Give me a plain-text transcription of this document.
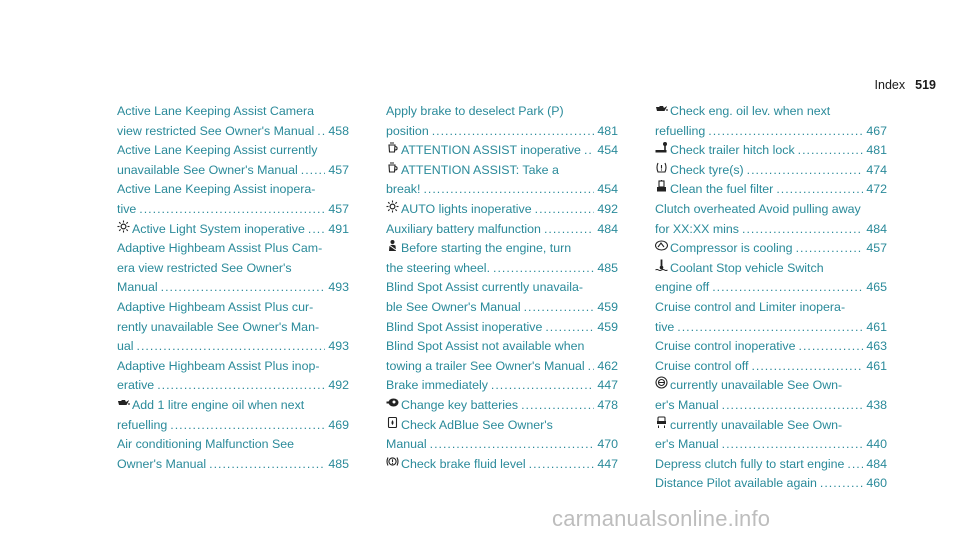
Index 519
Active Lane Keeping Assist Camera
view restricted See Owner's Manual ..... 458
Active Lane Keeping Assist currently
unavailable See Owner's Manual ..... 457
Active Lane Keeping Assist inopera-
tive .....	457
Active Light System inoperative ..... 491
Adaptive Highbeam Assist Plus Cam-
era view restricted See Owner's
Manual .....	493
Adaptive Highbeam Assist Plus cur-
rently unavailable See Owner's Man-
ual .....	493
Adaptive Highbeam Assist Plus inop-
erative .....	492
Add 1 litre engine oil when next
refuelling .....	469
Air conditioning Malfunction See
Owner's Manual .....	485
Apply brake to deselect Park (P)
position .....	481
ATTENTION ASSIST inoperative ..... 454
ATTENTION ASSIST: Take a
break! .....	454
AUTO lights inoperative .....	492
Auxiliary battery malfunction .....	484
Before starting the engine, turn
the steering wheel. .....	485
Blind Spot Assist currently unavaila-
ble See Owner's Manual .....	459
Blind Spot Assist inoperative .....	459
Blind Spot Assist not available when
towing a trailer See Owner's Manual ..... 462
Brake immediately .....	447
Change key batteries .....	478
Check AdBlue See Owner's
Manual .....	470
Check brake fluid level .....	447
Check eng. oil lev. when next
refuelling .....	467
Check trailer hitch lock .....	481
Check tyre(s) .....	474
Clean the fuel filter .....	472
Clutch overheated Avoid pulling away
for XX:XX mins .....	484
Compressor is cooling .....	457
Coolant Stop vehicle Switch
engine off .....	465
Cruise control and Limiter inopera-
tive .....	461
Cruise control inoperative .....	463
Cruise control off .....	461
currently unavailable See Own-
er's Manual .....	438
currently unavailable See Own-
er's Manual .....	440
Depress clutch fully to start engine ..... 484
Distance Pilot available again .....	460
carmanualsonline.info
